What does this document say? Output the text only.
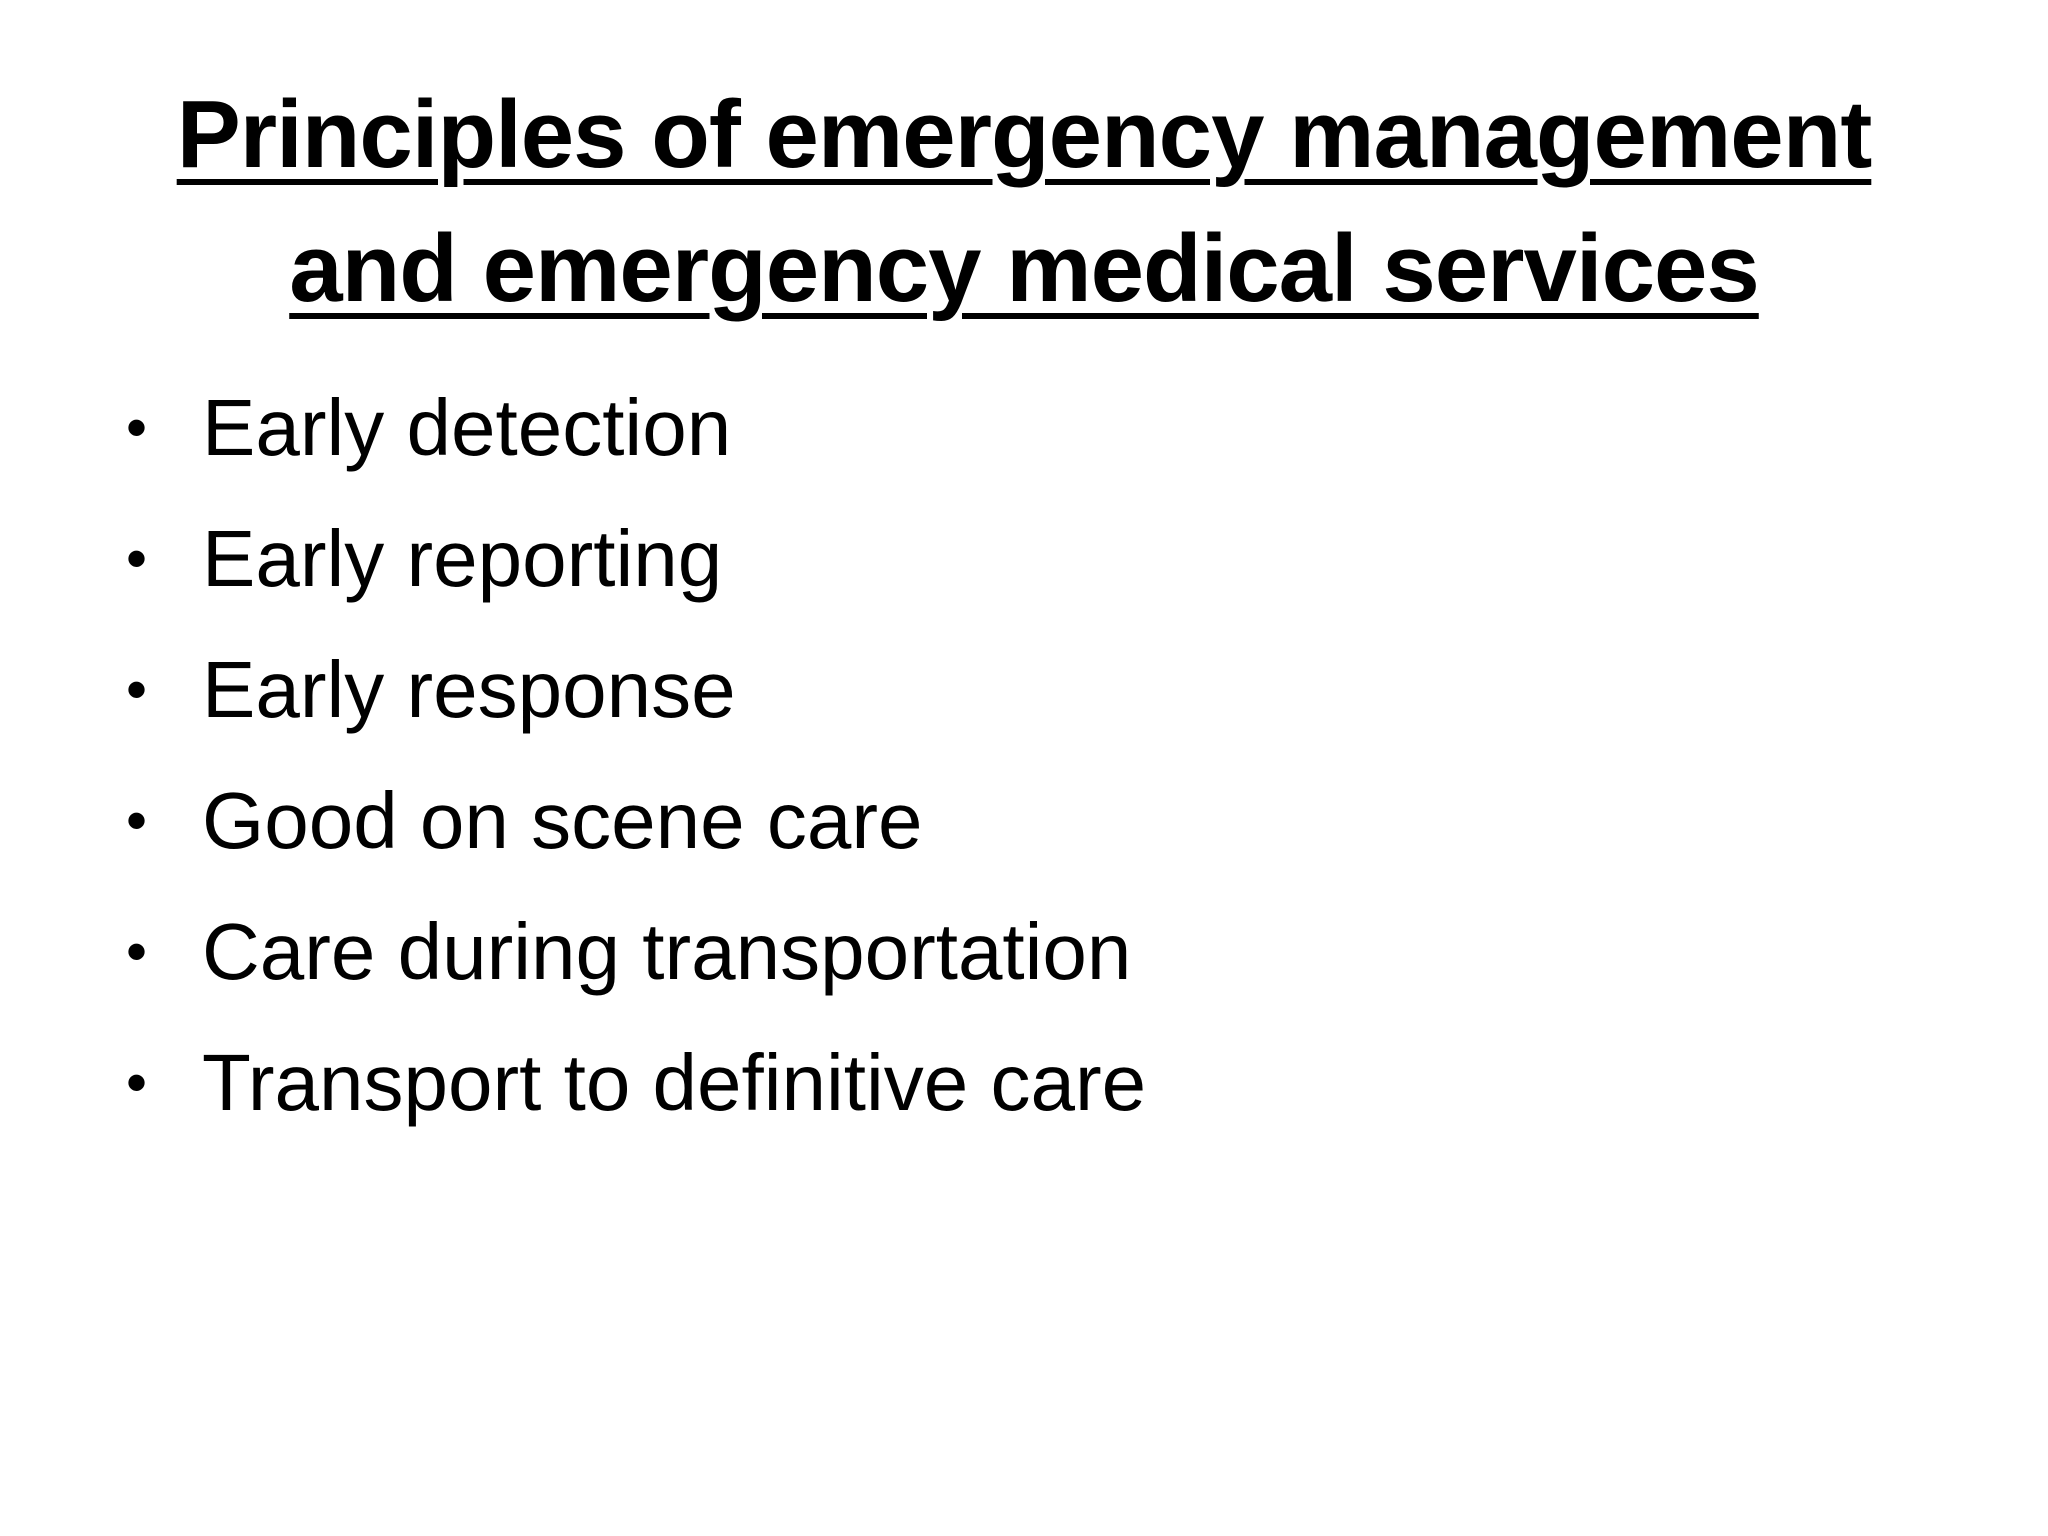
Principles of emergency management
and emergency medical services
• Early detection
• Early reporting
• Early response
• Good on scene care
• Care during transportation
• Transport to definitive care
